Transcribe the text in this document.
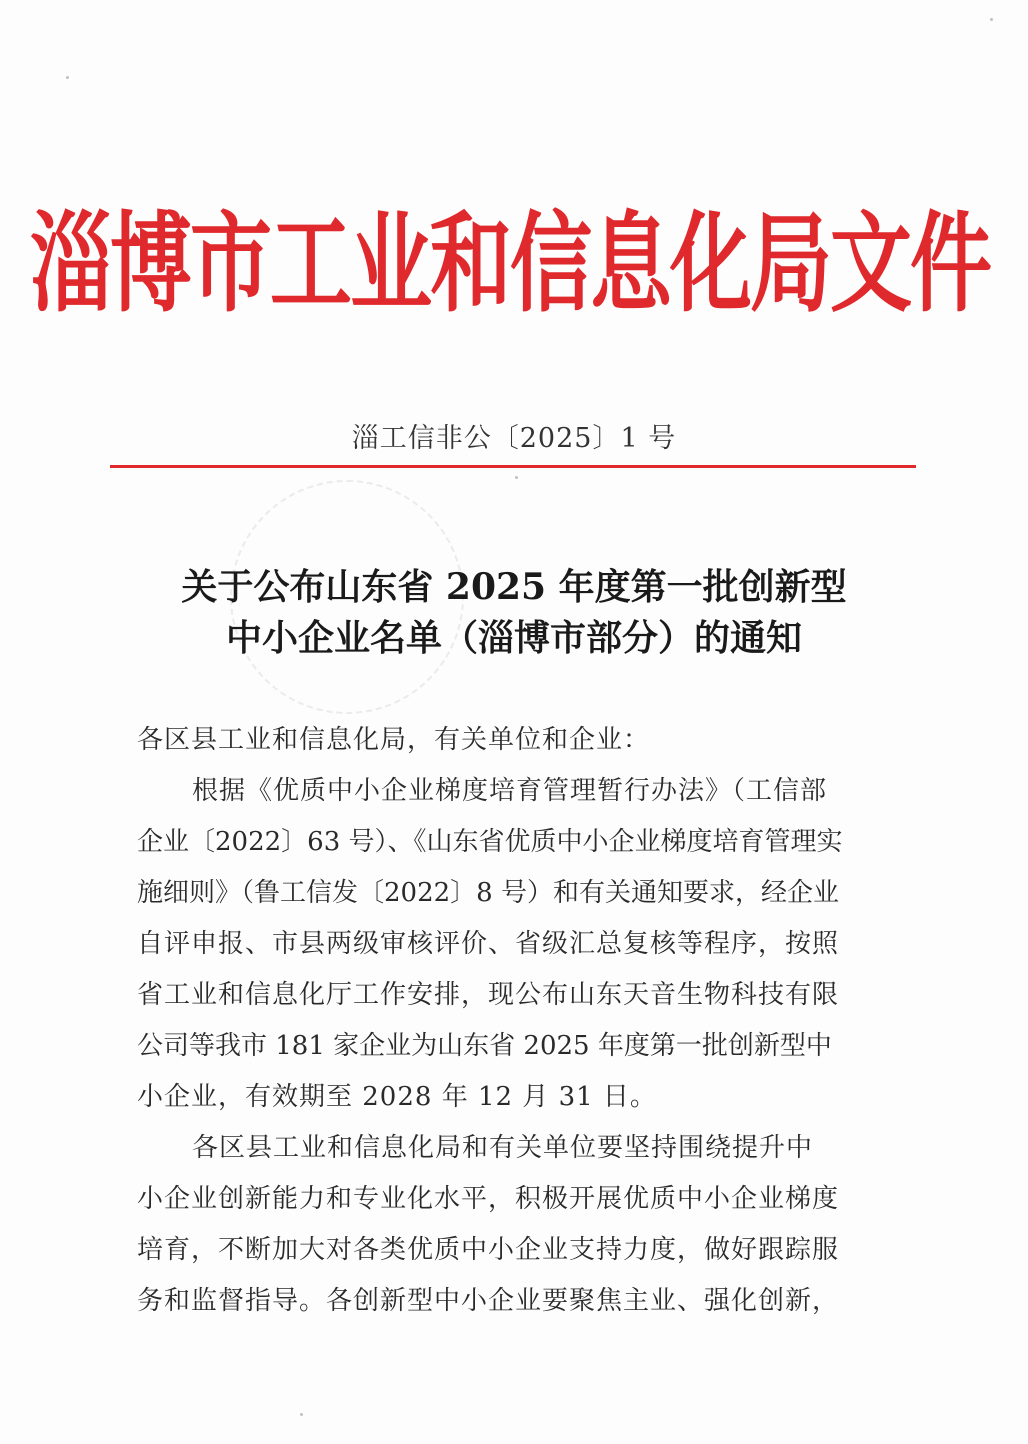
淄博市工业和信息化局文件
淄工信非公〔2025〕1 号
关于公布山东省 2025 年度第一批创新型
中小企业名单（淄博市部分）的通知
各区县工业和信息化局，有关单位和企业：
根据《优质中小企业梯度培育管理暂行办法》（工信部
企业〔2022〕63 号）、《山东省优质中小企业梯度培育管理实
施细则》（鲁工信发〔2022〕8 号）和有关通知要求，经企业
自评申报、市县两级审核评价、省级汇总复核等程序，按照
省工业和信息化厅工作安排，现公布山东天音生物科技有限
公司等我市 181 家企业为山东省 2025 年度第一批创新型中
小企业，有效期至 2028 年 12 月 31 日。
各区县工业和信息化局和有关单位要坚持围绕提升中
小企业创新能力和专业化水平，积极开展优质中小企业梯度
培育，不断加大对各类优质中小企业支持力度，做好跟踪服
务和监督指导。各创新型中小企业要聚焦主业、强化创新，
